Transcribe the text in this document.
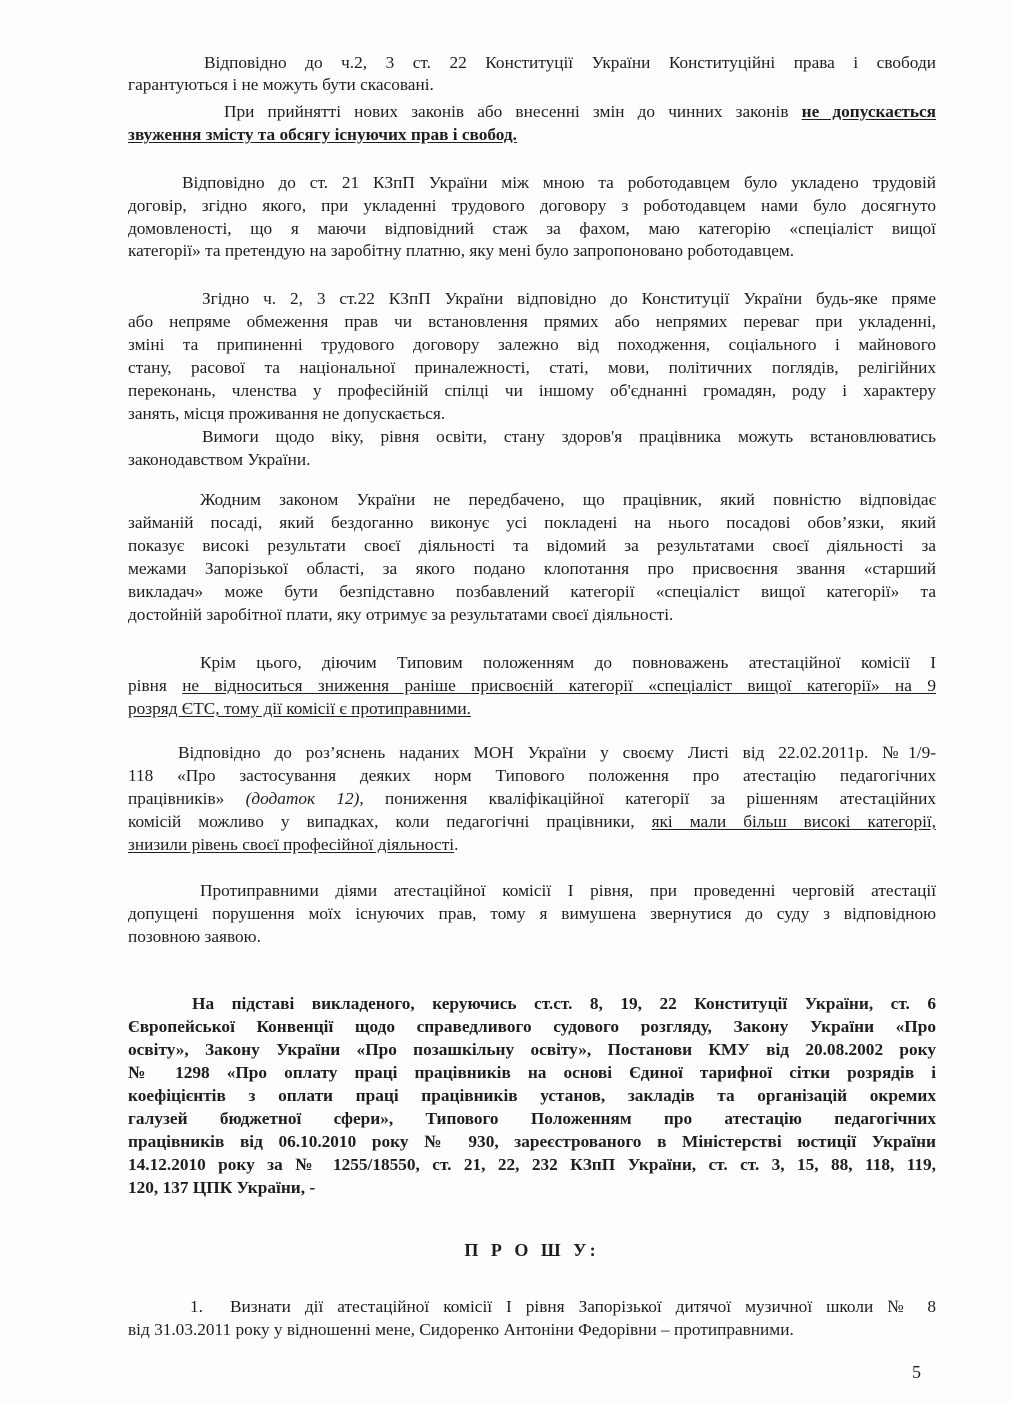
Відповідно до ч.2, 3 ст. 22 Конституції України Конституційні права і свободи
гарантуються і не можуть бути скасовані.
При прийнятті нових законів або внесенні змін до чинних законів не допускається
звуження змісту та обсягу існуючих прав і свобод.
Відповідно до ст. 21 КЗпП України між мною та роботодавцем було укладено трудовій
договір, згідно якого, при укладенні трудового договору з роботодавцем нами було досягнуто
домовленості, що я маючи відповідний стаж за фахом, маю категорію «спеціаліст вищої
категорії» та претендую на заробітну платню, яку мені було запропоновано роботодавцем.
Згідно ч. 2, 3 ст.22 КЗпП України відповідно до Конституції України будь-яке пряме
або непряме обмеження прав чи встановлення прямих або непрямих переваг при укладенні,
зміні та припиненні трудового договору залежно від походження, соціального і майнового
стану, расової та національної приналежності, статі, мови, політичних поглядів, релігійних
переконань, членства у професійній спілці чи іншому об'єднанні громадян, роду і характеру
занять, місця проживання не допускається.
Вимоги щодо віку, рівня освіти, стану здоров'я працівника можуть встановлюватись
законодавством України.
Жодним законом України не передбачено, що працівник, який повністю відповідає
займаній посаді, який бездоганно виконує усі покладені на нього посадові обов’язки, який
показує високі результати своєї діяльності та відомий за результатами своєї діяльності за
межами Запорізької області, за якого подано клопотання про присвоєння звання «старший
викладач» може бути безпідставно позбавлений категорії «спеціаліст вищої категорії» та
достойній заробітної плати, яку отримує за результатами своєї діяльності.
Крім цього, діючим Типовим положенням до повноважень атестаційної комісії І
рівня не відноситься зниження раніше присвоєній категорії «спеціаліст вищої категорії» на 9
розряд ЄТС, тому дії комісії є протиправними.
Відповідно до роз’яснень наданих МОН України у своєму Листі від 22.02.2011р. №1/9-
118 «Про застосування деяких норм Типового положення про атестацію педагогічних
працівників» (додаток 12), пониження кваліфікаційної категорії за рішенням атестаційних
комісій можливо у випадках, коли педагогічні працівники, які мали більш високі категорії,
знизили рівень своєї професійної діяльності.
Протиправними діями атестаційної комісії І рівня, при проведенні черговій атестації
допущені порушення моїх існуючих прав, тому я вимушена звернутися до суду з відповідною
позовною заявою.
На підставі викладеного, керуючись ст.ст. 8, 19, 22 Конституції України, ст. 6
Європейської Конвенції щодо справедливого судового розгляду, Закону України «Про
освіту», Закону України «Про позашкільну освіту», Постанови КМУ від 20.08.2002 року
№ 1298 «Про оплату праці працівників на основі Єдиної тарифної сітки розрядів і
коефіцієнтів з оплати праці працівників установ, закладів та організацій окремих
галузей бюджетної сфери», Типового Положенням про атестацію педагогічних
працівників від 06.10.2010 року № 930, зареєстрованого в Міністерстві юстиції України
14.12.2010 року за № 1255/18550, ст. 21, 22, 232 КЗпП України, ст. ст. 3, 15, 88, 118, 119,
120, 137 ЦПК України, -
П Р О Ш У:
1. Визнати дії атестаційної комісії І рівня Запорізької дитячої музичної школи № 8
від 31.03.2011 року у відношенні мене, Сидоренко Антоніни Федорівни – протиправними.
5
